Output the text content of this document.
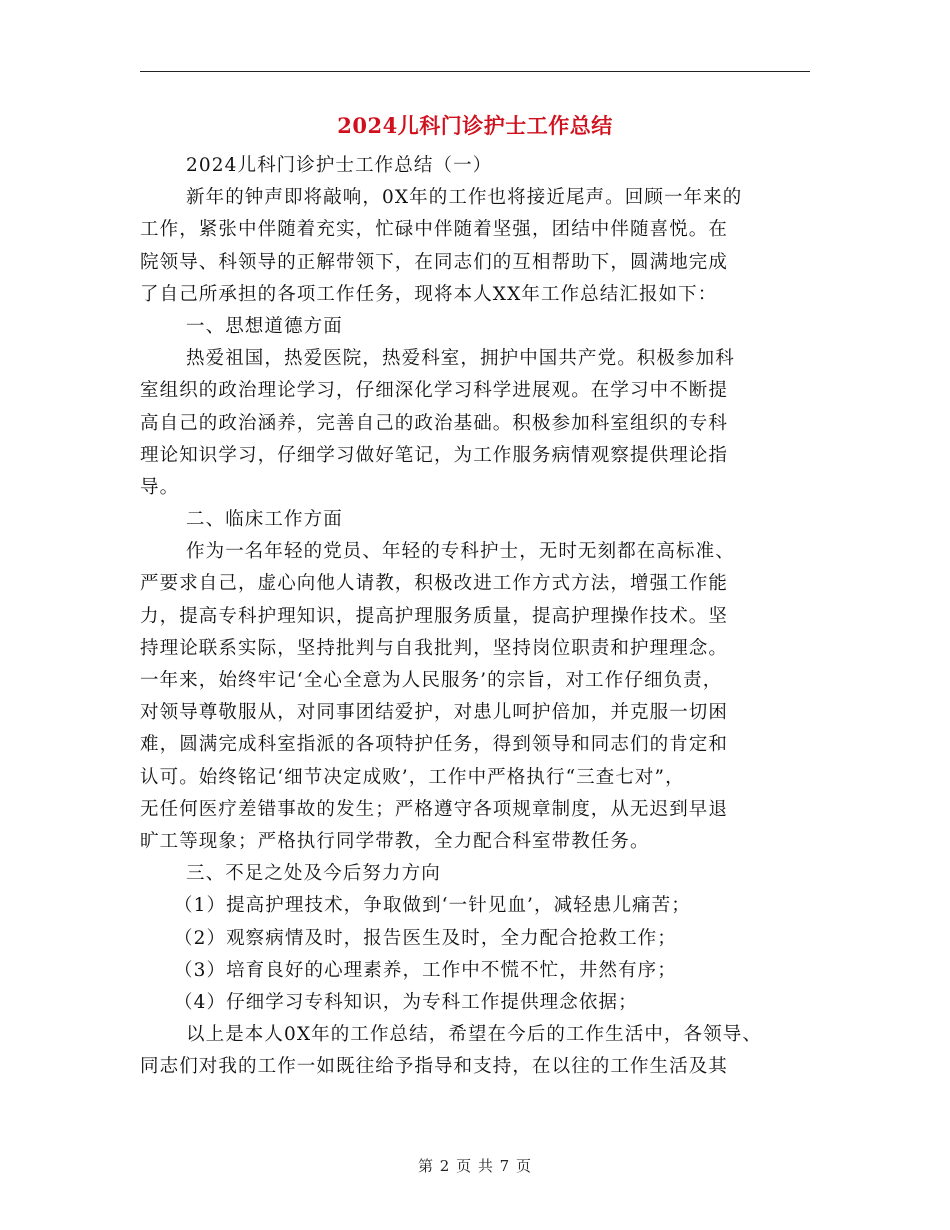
2024儿科门诊护士工作总结
2024儿科门诊护士工作总结（一）
新年的钟声即将敲响，0X年的工作也将接近尾声。回顾一年来的
工作，紧张中伴随着充实，忙碌中伴随着坚强，团结中伴随喜悦。在
院领导、科领导的正解带领下，在同志们的互相帮助下，圆满地完成
了自己所承担的各项工作任务，现将本人XX年工作总结汇报如下：
一、思想道德方面
热爱祖国，热爱医院，热爱科室，拥护中国共产党。积极参加科
室组织的政治理论学习，仔细深化学习科学进展观。在学习中不断提
高自己的政治涵养，完善自己的政治基础。积极参加科室组织的专科
理论知识学习，仔细学习做好笔记，为工作服务病情观察提供理论指
导。
二、临床工作方面
作为一名年轻的党员、年轻的专科护士，无时无刻都在高标准、
严要求自己，虚心向他人请教，积极改进工作方式方法，增强工作能
力，提高专科护理知识，提高护理服务质量，提高护理操作技术。坚
持理论联系实际，坚持批判与自我批判，坚持岗位职责和护理理念。
一年来，始终牢记‘全心全意为人民服务’的宗旨，对工作仔细负责，
对领导尊敬服从，对同事团结爱护，对患儿呵护倍加，并克服一切困
难，圆满完成科室指派的各项特护任务，得到领导和同志们的肯定和
认可。始终铭记‘细节决定成败’，工作中严格执行“三查七对”，
无任何医疗差错事故的发生；严格遵守各项规章制度，从无迟到早退
旷工等现象；严格执行同学带教，全力配合科室带教任务。
三、不足之处及今后努力方向
（1）提高护理技术，争取做到‘一针见血’，减轻患儿痛苦；
（2）观察病情及时，报告医生及时，全力配合抢救工作；
（3）培育良好的心理素养，工作中不慌不忙，井然有序；
（4）仔细学习专科知识，为专科工作提供理念依据；
以上是本人0X年的工作总结，希望在今后的工作生活中，各领导、
同志们对我的工作一如既往给予指导和支持，在以往的工作生活及其
第 2 页 共 7 页
